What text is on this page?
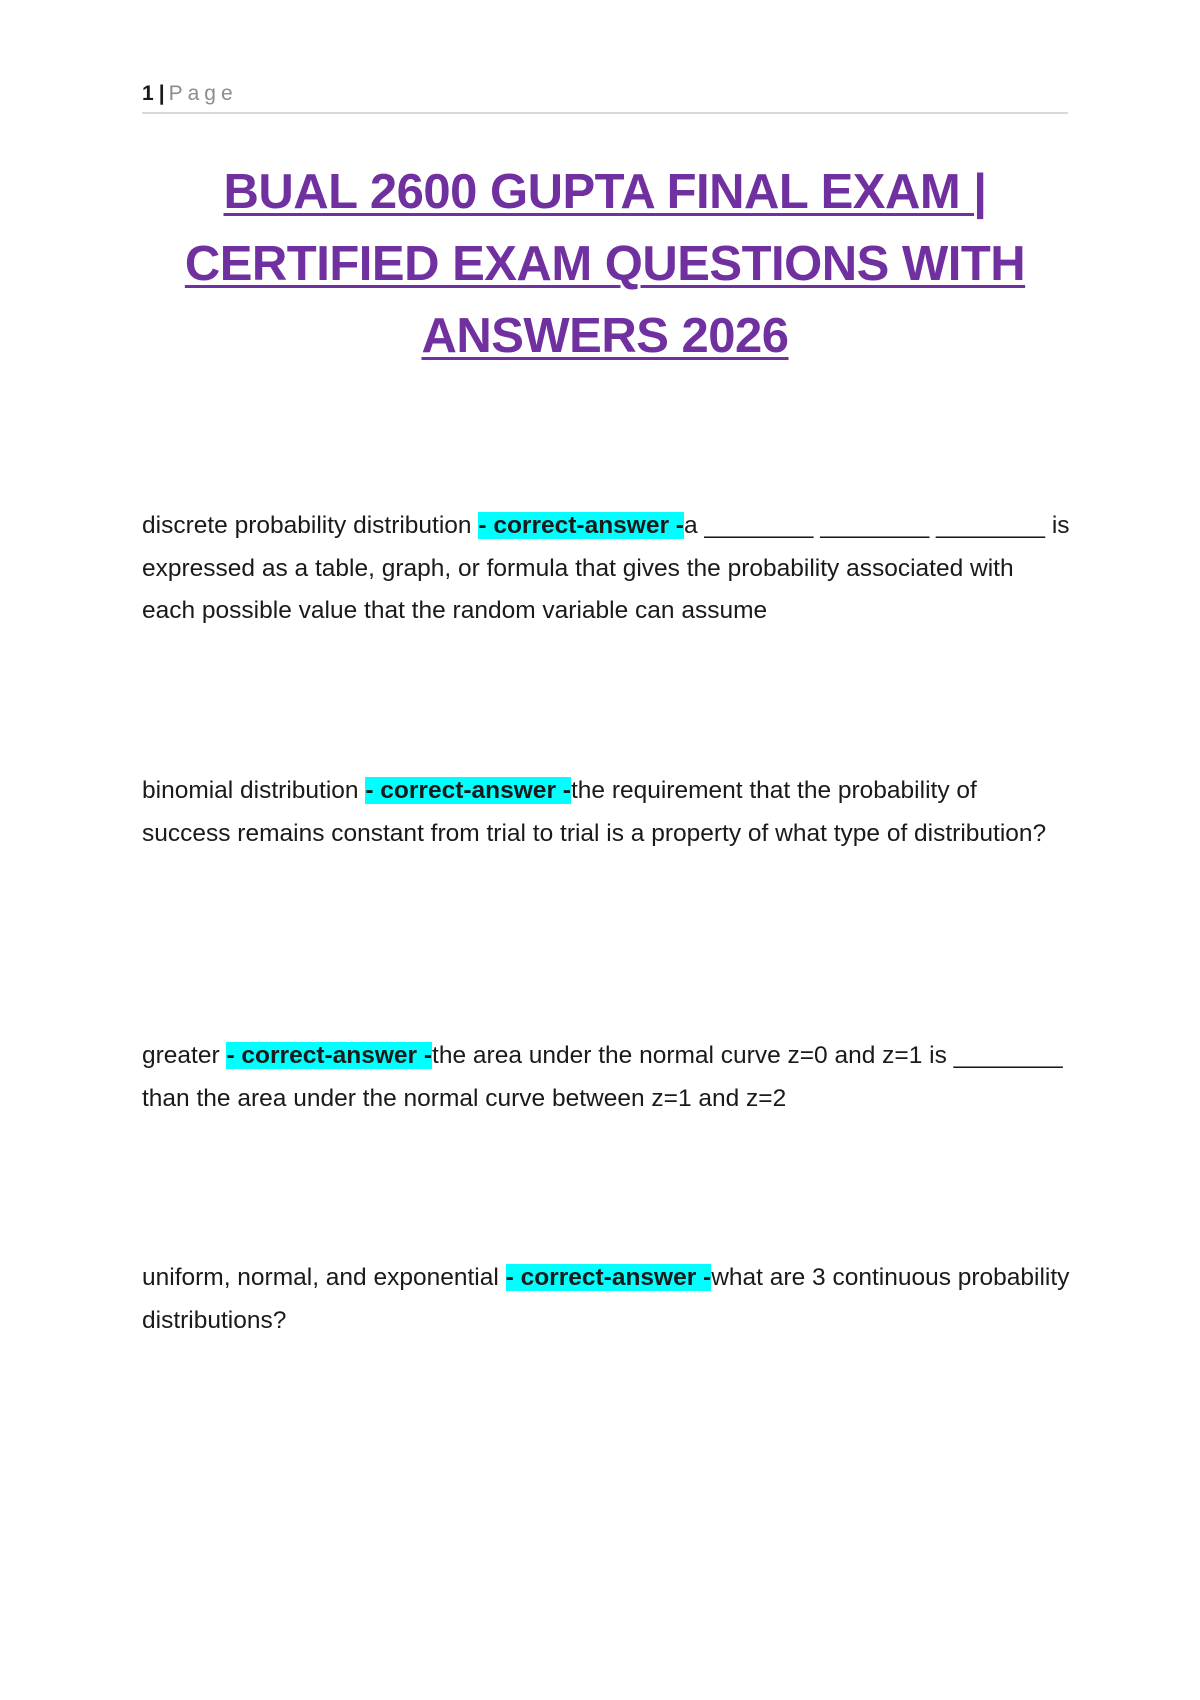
1 | Page
BUAL 2600 GUPTA FINAL EXAM | CERTIFIED EXAM QUESTIONS WITH ANSWERS 2026
discrete probability distribution - correct-answer -a ________ ________ ________ is expressed as a table, graph, or formula that gives the probability associated with each possible value that the random variable can assume
binomial distribution - correct-answer -the requirement that the probability of success remains constant from trial to trial is a property of what type of distribution?
greater - correct-answer -the area under the normal curve z=0 and z=1 is ________ than the area under the normal curve between z=1 and z=2
uniform, normal, and exponential - correct-answer -what are 3 continuous probability distributions?
